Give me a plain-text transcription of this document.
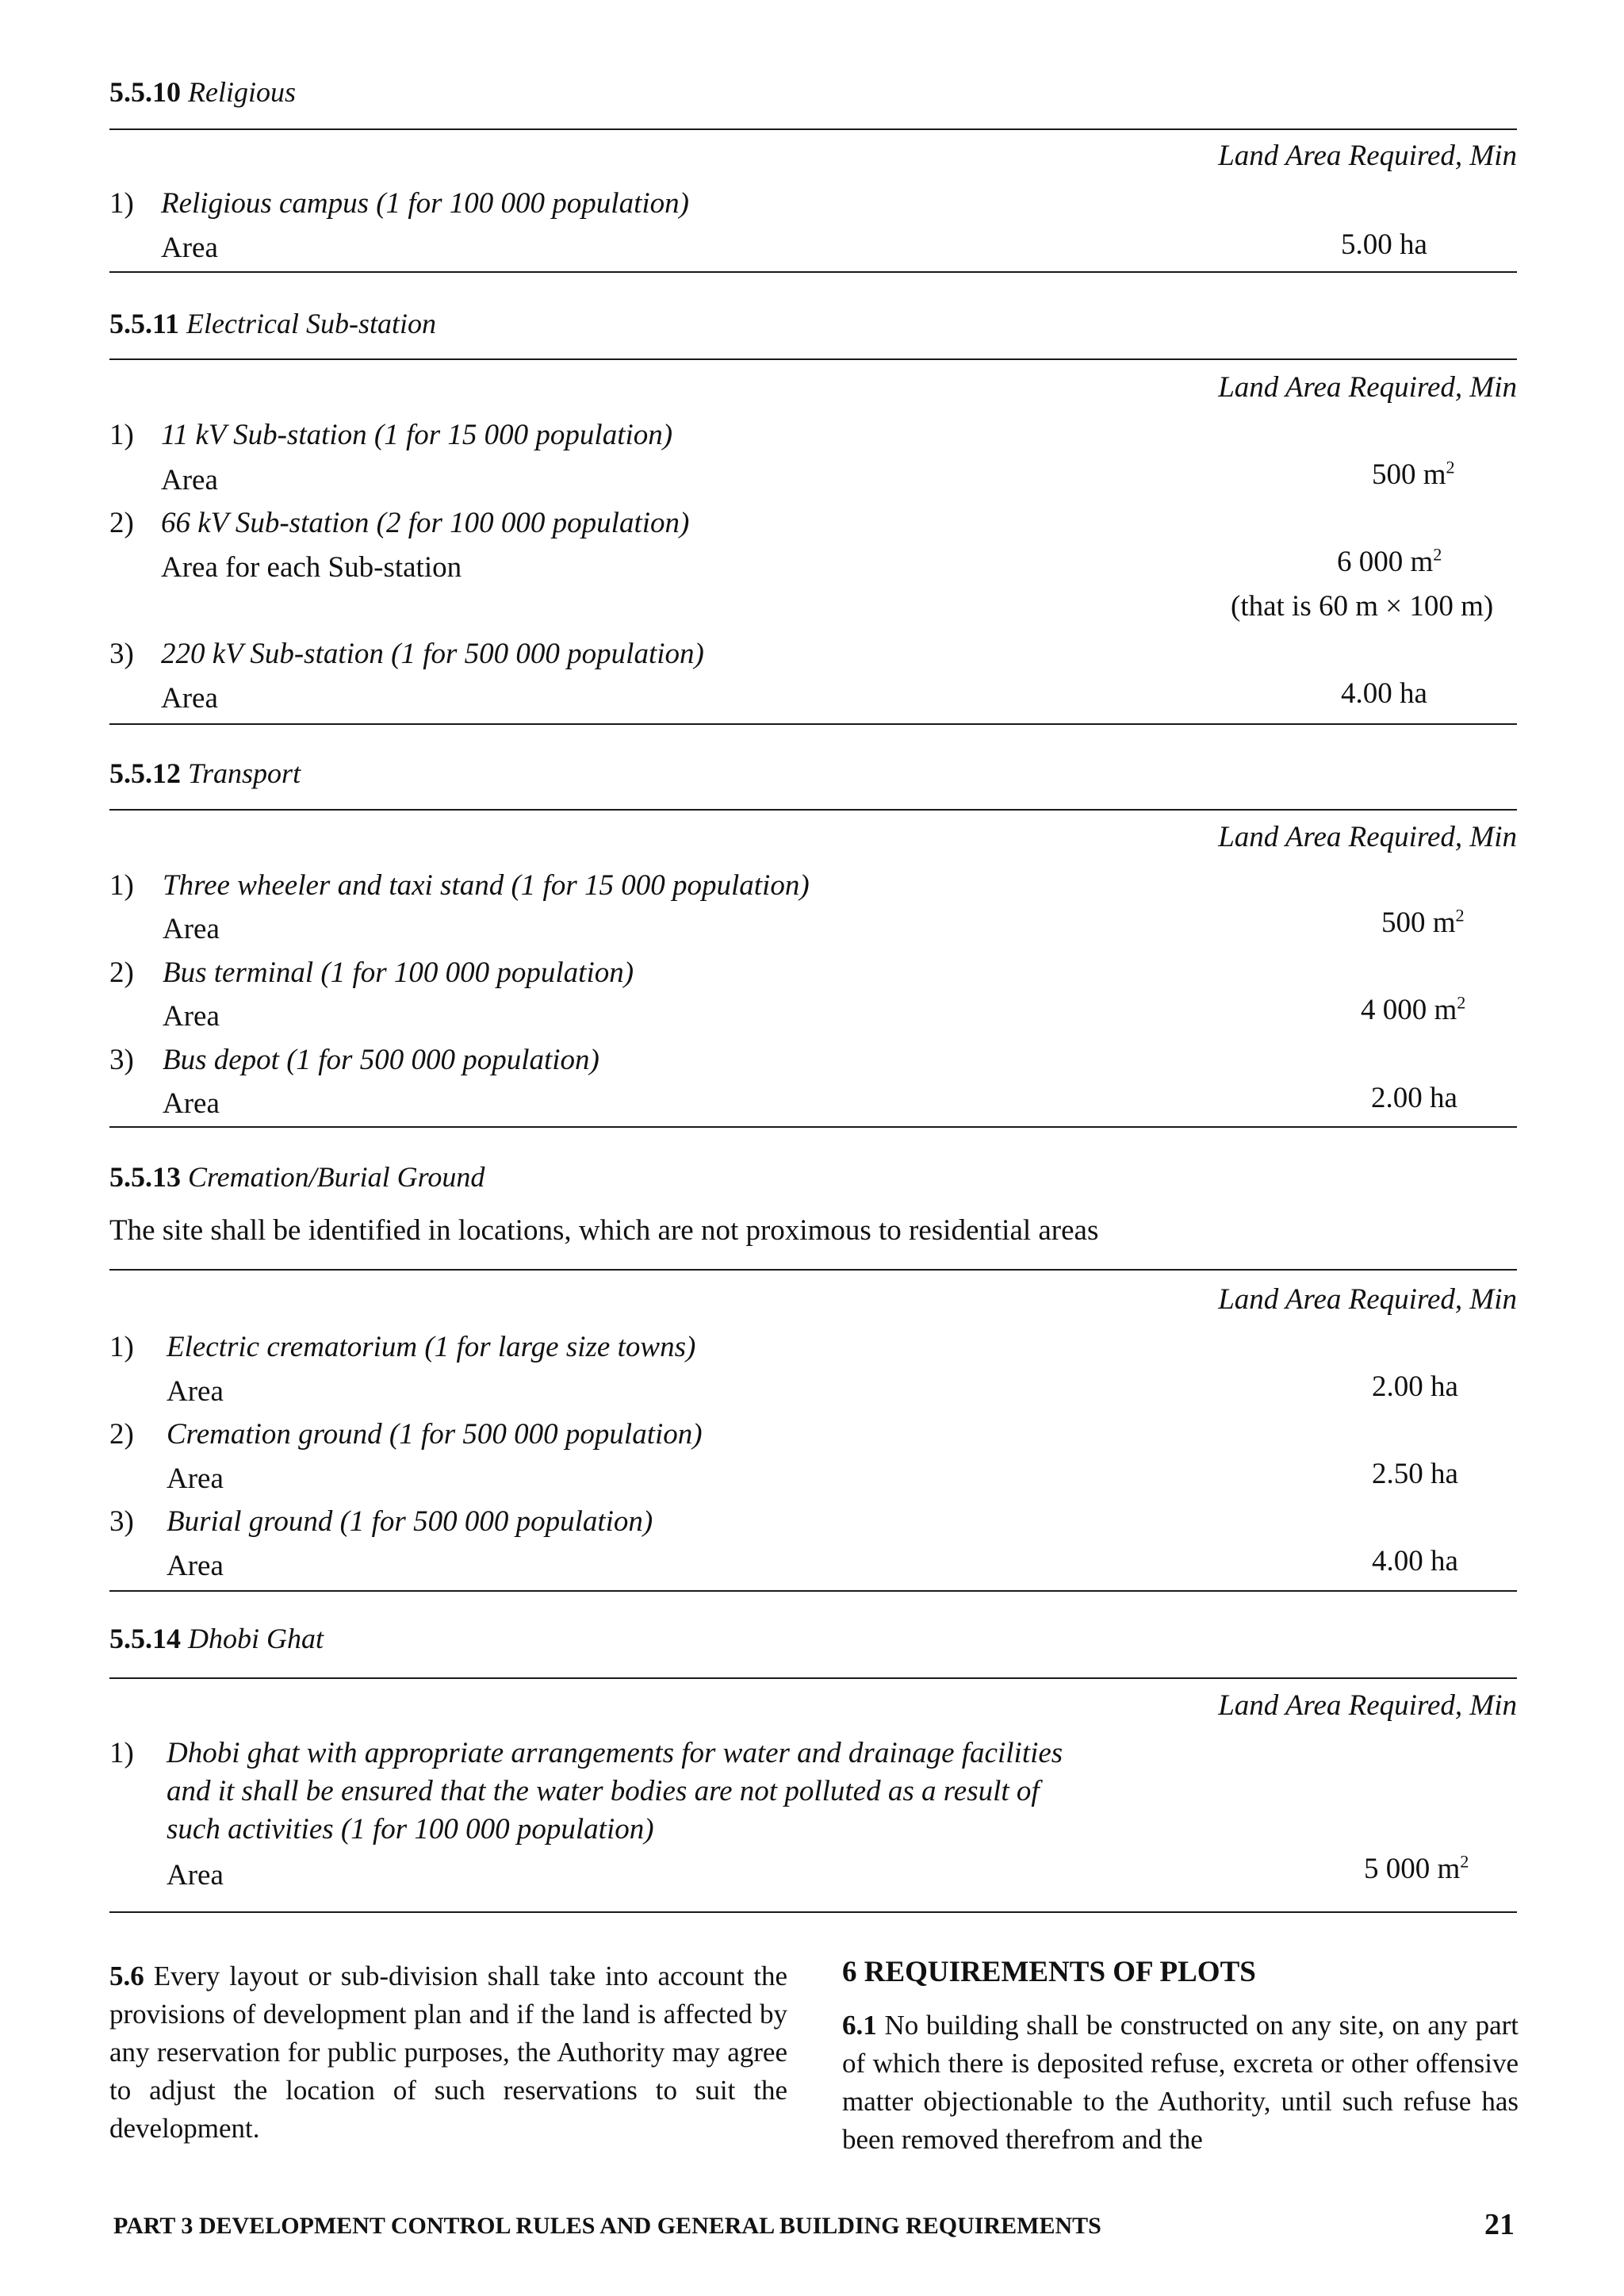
5.5.10 Religious
Land Area Required, Min
1) Religious campus (1 for 100 000 population)
Area	5.00 ha
5.5.11 Electrical Sub-station
Land Area Required, Min
1) 11 kV Sub-station (1 for 15 000 population)
Area	500 $m^2$
2) 66 kV Sub-station (2 for 100 000 population)
Area for each Sub-station	6 000 $m^2$
(that is 60 m × 100 m)
3) 220 kV Sub-station (1 for 500 000 population)
Area	4.00 ha
5.5.12 Transport
Land Area Required, Min
1) Three wheeler and taxi stand (1 for 15 000 population)
Area	500 $m^2$
2) Bus terminal (1 for 100 000 population)
Area	4 000 $m^2$
3) Bus depot (1 for 500 000 population)
Area	2.00 ha
5.5.13 Cremation/Burial Ground
The site shall be identified in locations, which are not proximous to residential areas
Land Area Required, Min
1) Electric crematorium (1 for large size towns)
Area	2.00 ha
2) Cremation ground (1 for 500 000 population)
Area	2.50 ha
3) Burial ground (1 for 500 000 population)
Area	4.00 ha
5.5.14 Dhobi Ghat
Land Area Required, Min
1) Dhobi ghat with appropriate arrangements for water and drainage facilities
and it shall be ensured that the water bodies are not polluted as a result of
such activities (1 for 100 000 population)
Area	5 000 $m^2$

5.6 Every layout or sub-division shall take into account the provisions of development plan and if the land is affected by any reservation for public purposes, the Authority may agree to adjust the location of such reservations to suit the development.

6 REQUIREMENTS OF PLOTS

6.1 No building shall be constructed on any site, on any part of which there is deposited refuse, excreta or other offensive matter objectionable to the Authority, until such refuse has been removed therefrom and the

PART 3 DEVELOPMENT CONTROL RULES AND GENERAL BUILDING REQUIREMENTS	21
